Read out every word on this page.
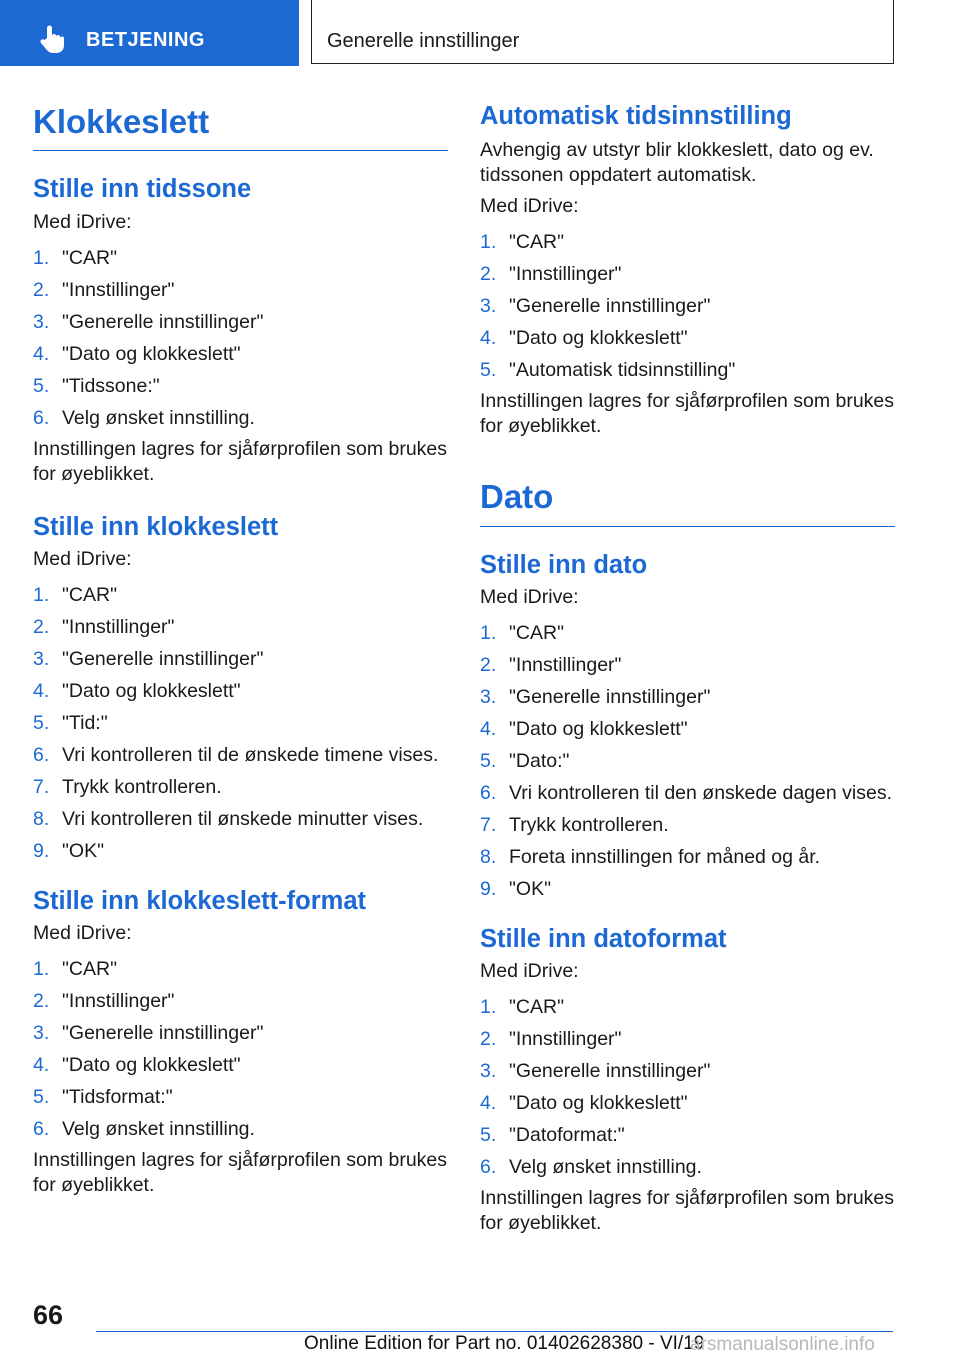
BETJENING	Generelle innstillinger
Klokkeslett
Stille inn tidssone

Med iDrive:

1. "CAR"
2. "Innstillinger"
3. "Generelle innstillinger"
4. "Dato og klokkeslett"
5. "Tidssone:"
6. Velg ønsket innstilling.

Innstillingen lagres for sjåførprofilen som brukes for øyeblikket.

Stille inn klokkeslett

Med iDrive:

1. "CAR"
2. "Innstillinger"
3. "Generelle innstillinger"
4. "Dato og klokkeslett"
5. "Tid:"
6. Vri kontrolleren til de ønskede timene vises.
7. Trykk kontrolleren.
8. Vri kontrolleren til ønskede minutter vises.
9. "OK"
Stille inn klokkeslett-format

Med iDrive:

1. "CAR"
2. "Innstillinger"
3. "Generelle innstillinger"
4. "Dato og klokkeslett"
5. "Tidsformat:"
6. Velg ønsket innstilling.

Innstillingen lagres for sjåførprofilen som brukes for øyeblikket.

Automatisk tidsinnstilling

Avhengig av utstyr blir klokkeslett, dato og ev. tidssonen oppdatert automatisk.

Med iDrive:

1. "CAR"
2. "Innstillinger"
3. "Generelle innstillinger"
4. "Dato og klokkeslett"
5. "Automatisk tidsinnstilling"

Innstillingen lagres for sjåførprofilen som brukes for øyeblikket.

Dato
Stille inn dato

Med iDrive:

1. "CAR"
2. "Innstillinger"
3. "Generelle innstillinger"
4. "Dato og klokkeslett"
5. "Dato:"
6. Vri kontrolleren til den ønskede dagen vises.
7. Trykk kontrolleren.
8. Foreta innstillingen for måned og år.
9. "OK"
Stille inn datoformat

Med iDrive:

1. "CAR"
2. "Innstillinger"
3. "Generelle innstillinger"
4. "Dato og klokkeslett"
5. "Datoformat:"
6. Velg ønsket innstilling.

Innstillingen lagres for sjåførprofilen som brukes for øyeblikket.

66
Online Edition for Part no. 01402628380 - VI/19
arsmanualsonline.info
